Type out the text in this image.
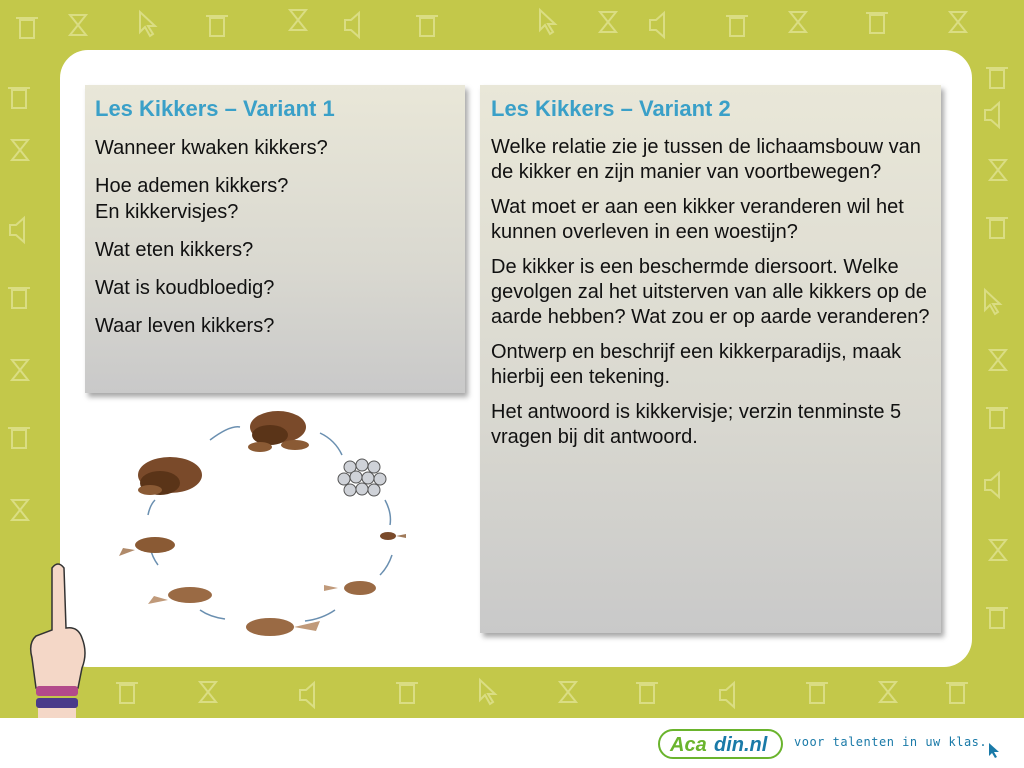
Les Kikkers – Variant 1

Wanneer kwaken kikkers?

Hoe ademen kikkers?
En kikkervisjes?

Wat eten kikkers?

Wat is koudbloedig?

Waar leven kikkers?

Les Kikkers – Variant 2

Welke relatie zie je tussen de lichaamsbouw van de kikker en zijn manier van voortbewegen?

Wat moet er aan een kikker veranderen wil het kunnen overleven in een woestijn?

De kikker is een beschermde diersoort. Welke gevolgen zal het uitsterven van alle kikkers op de aarde hebben? Wat zou er op aarde veranderen?

Ontwerp en beschrijf een kikkerparadijs, maak hierbij een tekening.

Het antwoord is kikkervisje; verzin tenminste 5 vragen bij dit antwoord.

Aca din.nl voor talenten in uw klas.
